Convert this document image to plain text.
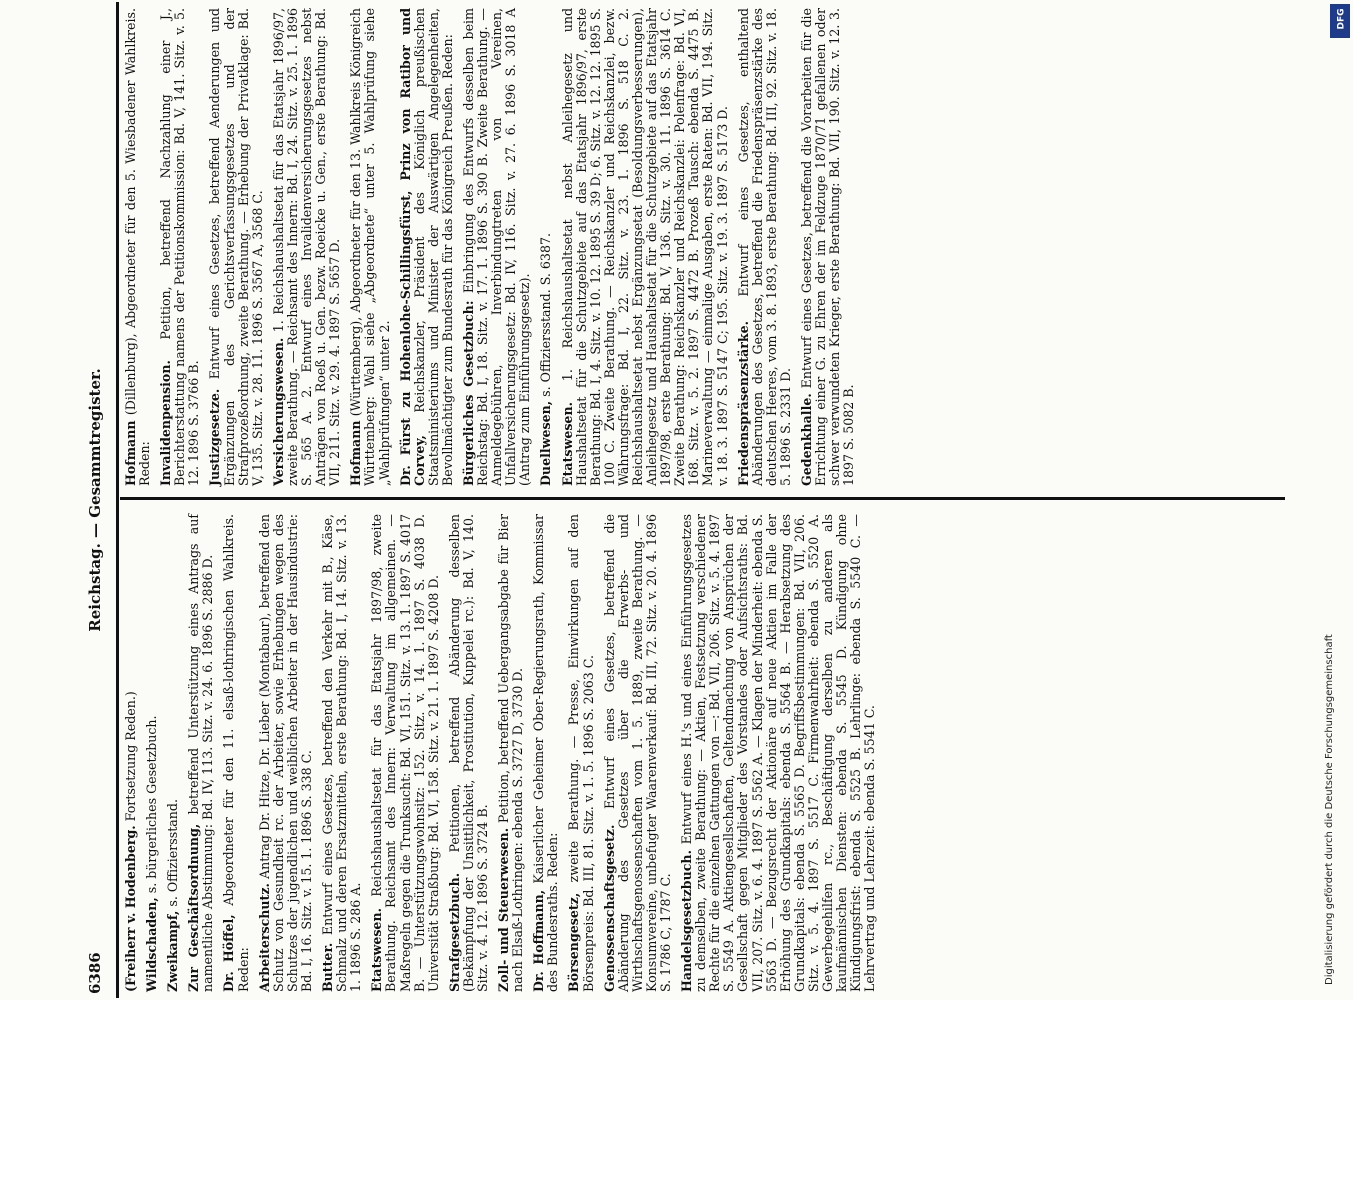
6386
Reichstag. — Gesammtregister.

(Freiherr v. Hodenberg. Fortsetzung Reden.)

Wildschaden, s. bürgerliches Gesetzbuch.

Zweikampf, s. Offiziersstand. Zur Geschäftsordnung, betreffend Unterstützung eines Antrags auf namentliche Abstimmung: Bd. IV, 113. Sitz. v. 24. 6. 1896 S. 2886 D. Dr. Höffel, Abgeordneter für den 11. elsaß-lothringischen Wahlkreis. Reden: Arbeiterschutz. Antrag Dr. Hitze, Dr. Lieber (Montabaur), betreffend den Schutz von Gesundheit rc. der Arbeiter, sowie Erhebungen wegen des Schutzes der jugendlichen und weiblichen Arbeiter in der Hausindustrie: Bd. I, 16. Sitz. v. 15. 1. 1896 S. 338 C. Butter. Entwurf eines Gesetzes, betreffend den Verkehr mit B., Käse, Schmalz und deren Ersatzmitteln, erste Berathung: Bd. I, 14. Sitz. v. 13. 1. 1896 S. 286 A. Etatswesen. Reichshaushaltsetat für das Etatsjahr 1897/98, zweite Berathung. Reichsamt des Innern: Verwaltung im allgemeinen. — Maßregeln gegen die Trunksucht: Bd. VI, 151. Sitz. v. 13. 1. 1897 S. 4017 B. — Unterstützungswohnsitz: 152. Sitz. v. 14. 1. 1897 S. 4038 D. Universität Straßburg: Bd. VI, 158. Sitz. v. 21. 1. 1897 S. 4208 D. Strafgesetzbuch. Petitionen, betreffend Abänderung desselben (Bekämpfung der Unsittlichkeit, Prostitution, Kuppelei rc.): Bd. V, 140. Sitz. v. 4. 12. 1896 S. 3724 B. Zoll- und Steuerwesen. Petition, betreffend Uebergangsabgabe für Bier nach Elsaß-Lothringen: ebenda S. 3727 D, 3730 D. Dr. Hoffmann, Kaiserlicher Geheimer Ober-Regierungsrath, Kommissar des Bundesraths. Reden: Börsengesetz, zweite Berathung. — Presse, Einwirkungen auf den Börsenpreis: Bd. III, 81. Sitz. v. 1. 5. 1896 S. 2063 C. Genossenschaftsgesetz. Entwurf eines Gesetzes, betreffend die Abänderung des Gesetzes über die Erwerbs- und Wirthschaftsgenossenschaften vom 1. 5. 1889, zweite Berathung. — Konsumvereine, unbefugter Waarenverkauf: Bd. III, 72. Sitz. v. 20. 4. 1896 S. 1786 C, 1787 C. Handelsgesetzbuch. Entwurf eines H.'s und eines Einführungsgesetzes zu demselben, zweite Berathung: — Aktien, Festsetzung verschiedener Rechte für die einzelnen Gattungen von —: Bd. VII, 206. Sitz. v. 5. 4. 1897 S. 5549 A. Aktiengesellschaften, Geltendmachung von Ansprüchen der Gesellschaft gegen Mitglieder des Vorstandes oder Aufsichtsraths: Bd. VII, 207. Sitz. v. 6. 4. 1897 S. 5562 A. — Klagen der Minderheit: ebenda S. 5563 D. — Bezugsrecht der Aktionäre auf neue Aktien im Falle der Erhöhung des Grundkapitals: ebenda S. 5564 B. — Herabsetzung des Grundkapitals: ebenda S. 5565 D. Begriffsbestimmungen: Bd. VII, 206. Sitz. v. 5. 4. 1897 S. 5517 C. Firmenwahrheit: ebenda S. 5520 A. Gewerbegehilfen rc., Beschäftigung derselben zu anderen als kaufmännischen Diensten: ebenda S. 5545 D. Kündigung ohne Kündigungsfrist: ebenda S. 5525 B. Lehrlinge: ebenda S. 5540 C. — Lehrvertrag und Lehrzeit: ebenda S. 5541 C.

Hofmann (Dillenburg), Abgeordneter für den 5. Wiesbadener Wahlkreis. Reden: Invalidenpension. Petition, betreffend Nachzahlung einer J., Berichterstattung namens der Petitionskommission: Bd. V, 141. Sitz. v. 5. 12. 1896 S. 3766 B. Justizgesetze. Entwurf eines Gesetzes, betreffend Aenderungen und Ergänzungen des Gerichtsverfassungsgesetzes und der Strafprozeßordnung, zweite Berathung. — Erhebung der Privatklage: Bd. V, 135. Sitz. v. 28. 11. 1896 S. 3567 A, 3568 C. Versicherungswesen. 1. Reichshaushaltsetat für das Etatsjahr 1896/97, zweite Berathung. — Reichsamt des Innern: Bd. I, 24. Sitz. v. 25. 1. 1896 S. 565 A. 2. Entwurf eines Invalidenversicherungsgesetzes nebst Anträgen von Roeß u. Gen. bezw. Roeicke u. Gen., erste Berathung: Bd. VII, 211. Sitz. v. 29. 4. 1897 S. 5657 D. Hofmann (Württemberg), Abgeordneter für den 13. Wahlkreis Königreich Württemberg: Wahl siehe „Abgeordnete“ unter 5. Wahlprüfung siehe „Wahlprüfungen“ unter 2. Dr. Fürst zu Hohenlohe-Schillingsfürst, Prinz von Ratibor und Corvey, Reichskanzler, Präsident des Königlich preußischen Staatsministeriums und Minister der Auswärtigen Angelegenheiten, Bevollmächtigter zum Bundesrath für das Königreich Preußen. Reden: Bürgerliches Gesetzbuch: Einbringung des Entwurfs desselben beim Reichstag: Bd. I, 18. Sitz. v. 17. 1. 1896 S. 390 B. Zweite Berathung. — Anmeldegebühren, Inverbindungtreten von Vereinen, Unfallversicherungsgesetz: Bd. IV, 116. Sitz. v. 27. 6. 1896 S. 3018 A (Antrag zum Einführungsgesetz). Duellwesen, s. Offiziersstand. S. 6387.

Etatswesen. 1. Reichshaushaltsetat nebst Anleihegesetz und Haushaltsetat für die Schutzgebiete auf das Etatsjahr 1896/97, erste Berathung: Bd. I, 4. Sitz. v. 10. 12. 1895 S. 39 D; 6. Sitz. v. 12. 12. 1895 S. 100 C. Zweite Berathung. — Reichskanzler und Reichskanzlei, bezw. Währungsfrage: Bd. I, 22. Sitz. v. 23. 1. 1896 S. 518 C. 2. Reichshaushaltsetat nebst Ergänzungsetat (Besoldungsverbesserungen), Anleihegesetz und Haushaltsetat für die Schutzgebiete auf das Etatsjahr 1897/98, erste Berathung: Bd. V, 136. Sitz. v. 30. 11. 1896 S. 3614 C. Zweite Berathung: Reichskanzler und Reichskanzlei: Polenfrage: Bd. VI, 168. Sitz. v. 5. 2. 1897 S. 4472 B. Prozeß Tausch: ebenda S. 4475 B. Marineverwaltung — einmalige Ausgaben, erste Raten: Bd. VII, 194. Sitz. v. 18. 3. 1897 S. 5147 C; 195. Sitz. v. 19. 3. 1897 S. 5173 D. Friedenspräsenzstärke. Entwurf eines Gesetzes, enthaltend Abänderungen des Gesetzes, betreffend die Friedenspräsenzstärke des deutschen Heeres, vom 3. 8. 1893, erste Berathung: Bd. III, 92. Sitz. v. 18. 5. 1896 S. 2331 D. Gedenkhalle. Entwurf eines Gesetzes, betreffend die Vorarbeiten für die Errichtung einer G. zu Ehren der im Feldzuge 1870/71 gefallenen oder schwer verwundeten Krieger, erste Berathung: Bd. VII, 190. Sitz. v. 12. 3. 1897 S. 5082 B.

Digitalisierung gefördert durch die Deutsche Forschungsgemeinschaft
DFG
